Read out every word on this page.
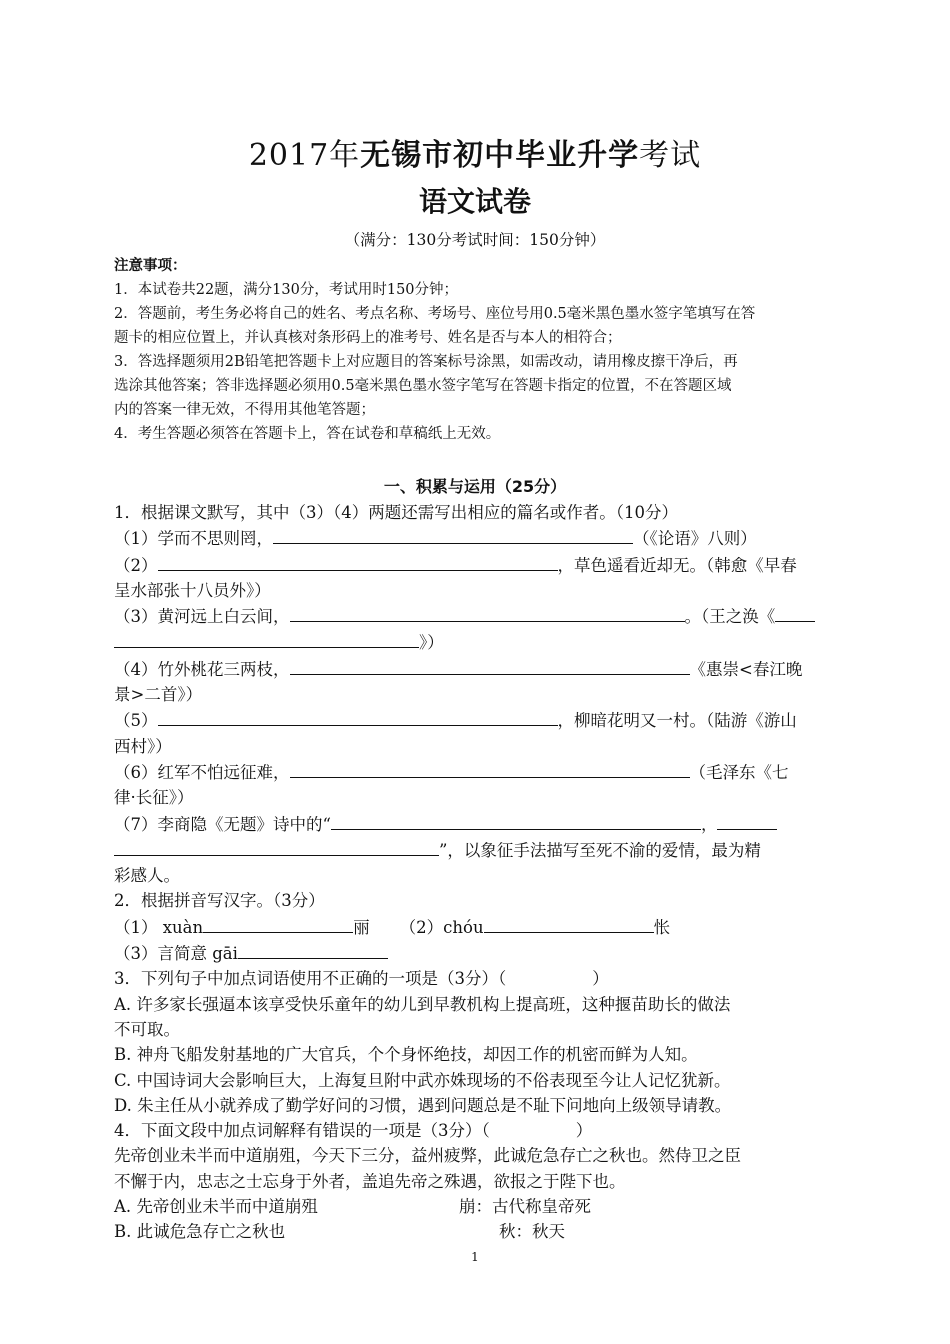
2017年无锡市初中毕业升学考试
语文试卷
（满分：130分考试时间：150分钟）
注意事项：
1．本试卷共22题，满分130分，考试用时150分钟；
2．答题前，考生务必将自己的姓名、考点名称、考场号、座位号用0.5毫米黑色墨水签字笔填写在答
题卡的相应位置上，并认真核对条形码上的准考号、姓名是否与本人的相符合；
3．答选择题须用2B铅笔把答题卡上对应题目的答案标号涂黑，如需改动，请用橡皮擦干净后，再
选涂其他答案；答非选择题必须用0.5毫米黑色墨水签字笔写在答题卡指定的位置，不在答题区域
内的答案一律无效，不得用其他笔答题；
4．考生答题必须答在答题卡上，答在试卷和草稿纸上无效。
一、积累与运用（25分）
1．根据课文默写，其中（3）（4）两题还需写出相应的篇名或作者。（10分）
（1）学而不思则罔，	（《论语》八则）
（2）	，草色遥看近却无。（韩愈《早春
呈水部张十八员外》）
（3）黄河远上白云间，	。（王之涣《
》）
（4）竹外桃花三两枝，	《惠崇<春江晚
景>二首》）
（5）	，柳暗花明又一村。（陆游《游山
西村》）
（6）红军不怕远征难，	（毛泽东《七
律·长征》）
（7）李商隐《无题》诗中的“	，
”，以象征手法描写至死不渝的爱情，最为精
彩感人。
2．根据拼音写汉字。（3分）
（1） xuàn	丽 （2）chóu	怅
（3）言简意 gāi
3．下列句子中加点词语使用不正确的一项是（3分）（	）
A. 许多家长强逼本该享受快乐童年的幼儿到早教机构上提高班，这种揠苗助长的做法
不可取。
B. 神舟飞船发射基地的广大官兵，个个身怀绝技，却因工作的机密而鲜为人知。
C. 中国诗词大会影响巨大，上海复旦附中武亦姝现场的不俗表现至今让人记忆犹新。
D. 朱主任从小就养成了勤学好问的习惯，遇到问题总是不耻下问地向上级领导请教。
4．下面文段中加点词解释有错误的一项是（3分）（	）
先帝创业未半而中道崩殂，今天下三分，益州疲弊，此诚危急存亡之秋也。然侍卫之臣
不懈于内，忠志之士忘身于外者，盖追先帝之殊遇，欲报之于陛下也。
A. 先帝创业未半而中道崩殂	崩：古代称皇帝死
B. 此诚危急存亡之秋也	秋：秋天
1
